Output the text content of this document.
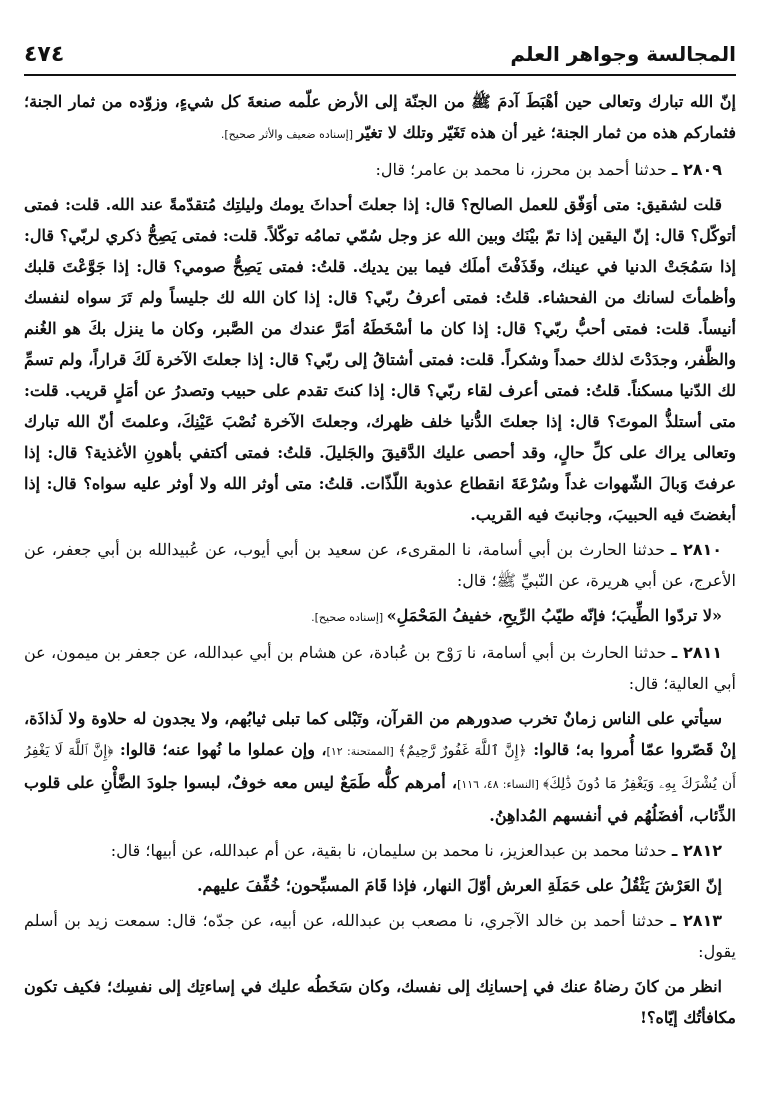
المجالسة وجواهر العلم
٤٧٤

إنّ الله تبارك وتعالى حين أهْبَطَ آدمَ ﷺ من الجنّة إلى الأرض علّمه صنعةَ كل شيءٍ، وزوّده من ثمار الجنة؛ فثماركم هذه من ثمار الجنة؛ غير أن هذه تَغَيّر وتلك لا تغيّر [إسناده ضعيف والأثر صحيح].

٢٨٠٩ ـ حدثنا أحمد بن محرز، نا محمد بن عامر؛ قال:

قلت لشقيق: متى أوَفّق للعمل الصالح؟ قال: إذا جعلتَ أحداثَ يومك وليلتِك مُتقدّمةً عند الله. قلت: فمتى أتوكّل؟ قال: إنّ اليقين إذا تمّ بيْنَك وبين الله عز وجل سُمّي تمامُه توكّلاً. قلت: فمتى يَصِحُّ ذكري لربّي؟ قال: إذا سَمُجَتْ الدنيا في عينك، وقَذَفْتَ أملَك فيما بين يديك. قلتُ: فمتى يَصِحُّ صومي؟ قال: إذا جَوَّعْتَ قلبك وأظمأتَ لسانك من الفحشاء. قلتُ: فمتى أعرفُ ربّي؟ قال: إذا كان الله لك جليساً ولم تَرَ سواه لنفسك أنيساً. قلت: فمتى أحبُّ ربّي؟ قال: إذا كان ما أسْخَطَهُ أمَرَّ عندك من الصَّبر، وكان ما ينزل بكَ هو الغُنم والظَّفر، وجدَدْتَ لذلك حمداً وشكراً. قلت: فمتى أشتاقُ إلى ربّي؟ قال: إذا جعلتَ الآخرة لَكَ قراراً، ولم تسمِّ لك الدّنيا مسكناً. قلتُ: فمتى أعرف لقاء ربّي؟ قال: إذا كنتَ تقدم على حبيب وتصدرُ عن أمَلٍ قريب. قلت: متى أستلذُّ الموتَ؟ قال: إذا جعلتَ الدُّنيا خلف ظهرك، وجعلتَ الآخرة نُصْبَ عَيْنِكَ، وعلمتَ أنّ الله تبارك وتعالى يراك على كلِّ حالٍ، وقد أحصى عليك الدَّقيقَ والجَليلَ. قلتُ: فمتى أكتفي بأهونِ الأغذية؟ قال: إذا عرفتَ وَبالَ الشّهوات غداً وسُرْعَةَ انقطاع عذوبة اللّذّات. قلتُ: متى أوثر الله ولا أوثر عليه سواه؟ قال: إذا أبغضتَ فيه الحبيبَ، وجانبتَ فيه القريب.

٢٨١٠ ـ حدثنا الحارث بن أبي أسامة، نا المقرىء، عن سعيد بن أبي أيوب، عن عُبيدالله بن أبي جعفر، عن الأعرج، عن أبي هريرة، عن النّبيِّ ﷺ؛ قال:

«لا تردّوا الطِّيبَ؛ فإنّه طيّبُ الرِّيحِ، خفيفُ المَحْمَلِ» [إسناده صحيح].

٢٨١١ ـ حدثنا الحارث بن أبي أسامة، نا رَوْح بن عُبادة، عن هشام بن أبي عبدالله، عن جعفر بن ميمون، عن أبي العالية؛ قال:

سيأتي على الناس زمانٌ تخرب صدورهم من القرآن، وتَبْلى كما تبلى ثيابُهم، ولا يجدون له حلاوة ولا لَذاذَة، إنْ قَصّروا عمّا أُمروا به؛ قالوا: ﴿إِنَّ ٱللَّهَ غَفُورٌ رَّحِيمٌ﴾ [الممتحنة: ١٢]، وإن عملوا ما نُهوا عنه؛ قالوا: ﴿إِنَّ ٱللَّهَ لَا يَغْفِرُ أَن يُشْرَكَ بِهِۦ وَيَغْفِرُ مَا دُونَ ذَٰلِكَ﴾ [النساء: ٤٨، ١١٦]، أمرهم كلُّه طَمَعٌ ليس معه خوفٌ، لبسوا جلودَ الضَّأْنِ على قلوب الذِّئاب، أفضَلُهُم في أنفسهم المُداهِنُ.

٢٨١٢ ـ حدثنا محمد بن عبدالعزيز، نا محمد بن سليمان، نا بقية، عن أم عبدالله، عن أبيها؛ قال:

إنّ العَرْشَ يَثْقُلُ على حَمَلَةِ العرش أوّلَ النهار، فإذا قَامَ المسبِّحون؛ خُفِّفَ عليهم.

٢٨١٣ ـ حدثنا أحمد بن خالد الآجري، نا مصعب بن عبدالله، عن أبيه، عن جدّه؛ قال: سمعت زيد بن أسلم يقول:

انظر من كانَ رضاهُ عنك في إحسانِك إلى نفسك، وكان سَخَطُه عليك في إساءتِك إلى نفسِك؛ فكيف تكون مكافأتُك إيّاه؟!
